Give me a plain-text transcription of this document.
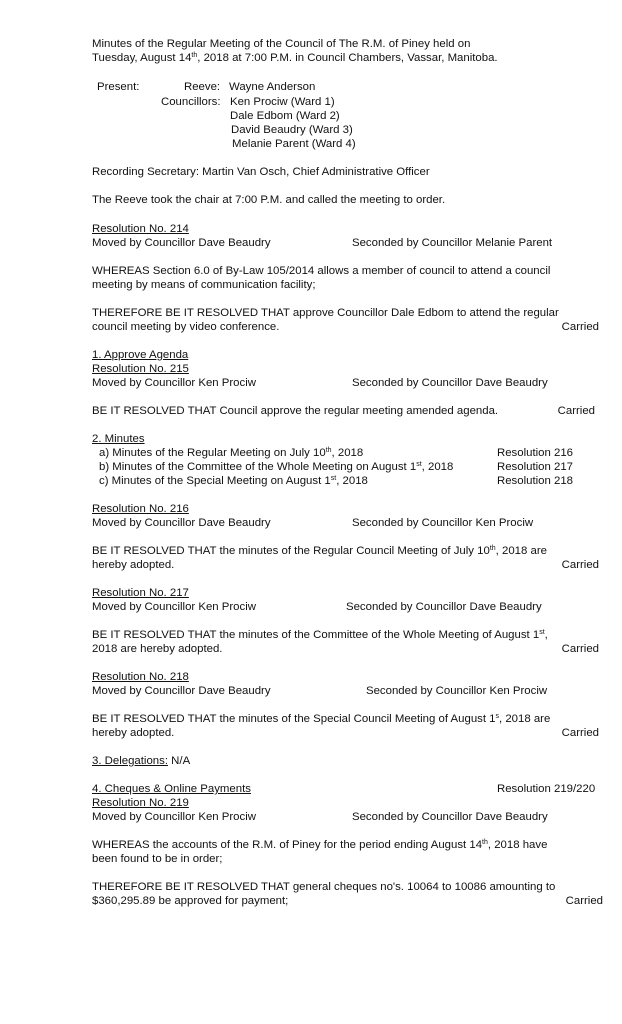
Minutes of the Regular Meeting of the Council of The R.M. of Piney held on
Tuesday, August 14th, 2018 at 7:00 P.M. in Council Chambers, Vassar, Manitoba.
Present:	Reeve: Wayne Anderson
Councillors: Ken Prociw (Ward 1)
Dale Edbom (Ward 2)
David Beaudry (Ward 3)
Melanie Parent (Ward 4)
Recording Secretary: Martin Van Osch, Chief Administrative Officer
The Reeve took the chair at 7:00 P.M. and called the meeting to order.
Resolution No. 214
Moved by Councillor Dave Beaudry	Seconded by Councillor Melanie Parent
WHEREAS Section 6.0 of By-Law 105/2014 allows a member of council to attend a council
meeting by means of communication facility;
THEREFORE BE IT RESOLVED THAT approve Councillor Dale Edbom to attend the regular
council meeting by video conference.	Carried
1. Approve Agenda
Resolution No. 215
Moved by Councillor Ken Prociw	Seconded by Councillor Dave Beaudry
BE IT RESOLVED THAT Council approve the regular meeting amended agenda.	Carried
2. Minutes
a) Minutes of the Regular Meeting on July 10th, 2018	Resolution 216
b) Minutes of the Committee of the Whole Meeting on August 1st, 2018	Resolution 217
c) Minutes of the Special Meeting on August 1st, 2018	Resolution 218
Resolution No. 216
Moved by Councillor Dave Beaudry	Seconded by Councillor Ken Prociw
BE IT RESOLVED THAT the minutes of the Regular Council Meeting of July 10th, 2018 are
hereby adopted.	Carried
Resolution No. 217
Moved by Councillor Ken Prociw	Seconded by Councillor Dave Beaudry
BE IT RESOLVED THAT the minutes of the Committee of the Whole Meeting of August 1st,
2018 are hereby adopted.	Carried
Resolution No. 218
Moved by Councillor Dave Beaudry	Seconded by Councillor Ken Prociw
BE IT RESOLVED THAT the minutes of the Special Council Meeting of August 1$^s$, 2018 are
hereby adopted.	Carried
3. Delegations: N/A
4. Cheques & Online Payments	Resolution 219/220
Resolution No. 219
Moved by Councillor Ken Prociw	Seconded by Councillor Dave Beaudry
WHEREAS the accounts of the R.M. of Piney for the period ending August 14th, 2018 have
been found to be in order;
THEREFORE BE IT RESOLVED THAT general cheques no's. 10064 to 10086 amounting to
$360,295.89 be approved for payment;	Carried
